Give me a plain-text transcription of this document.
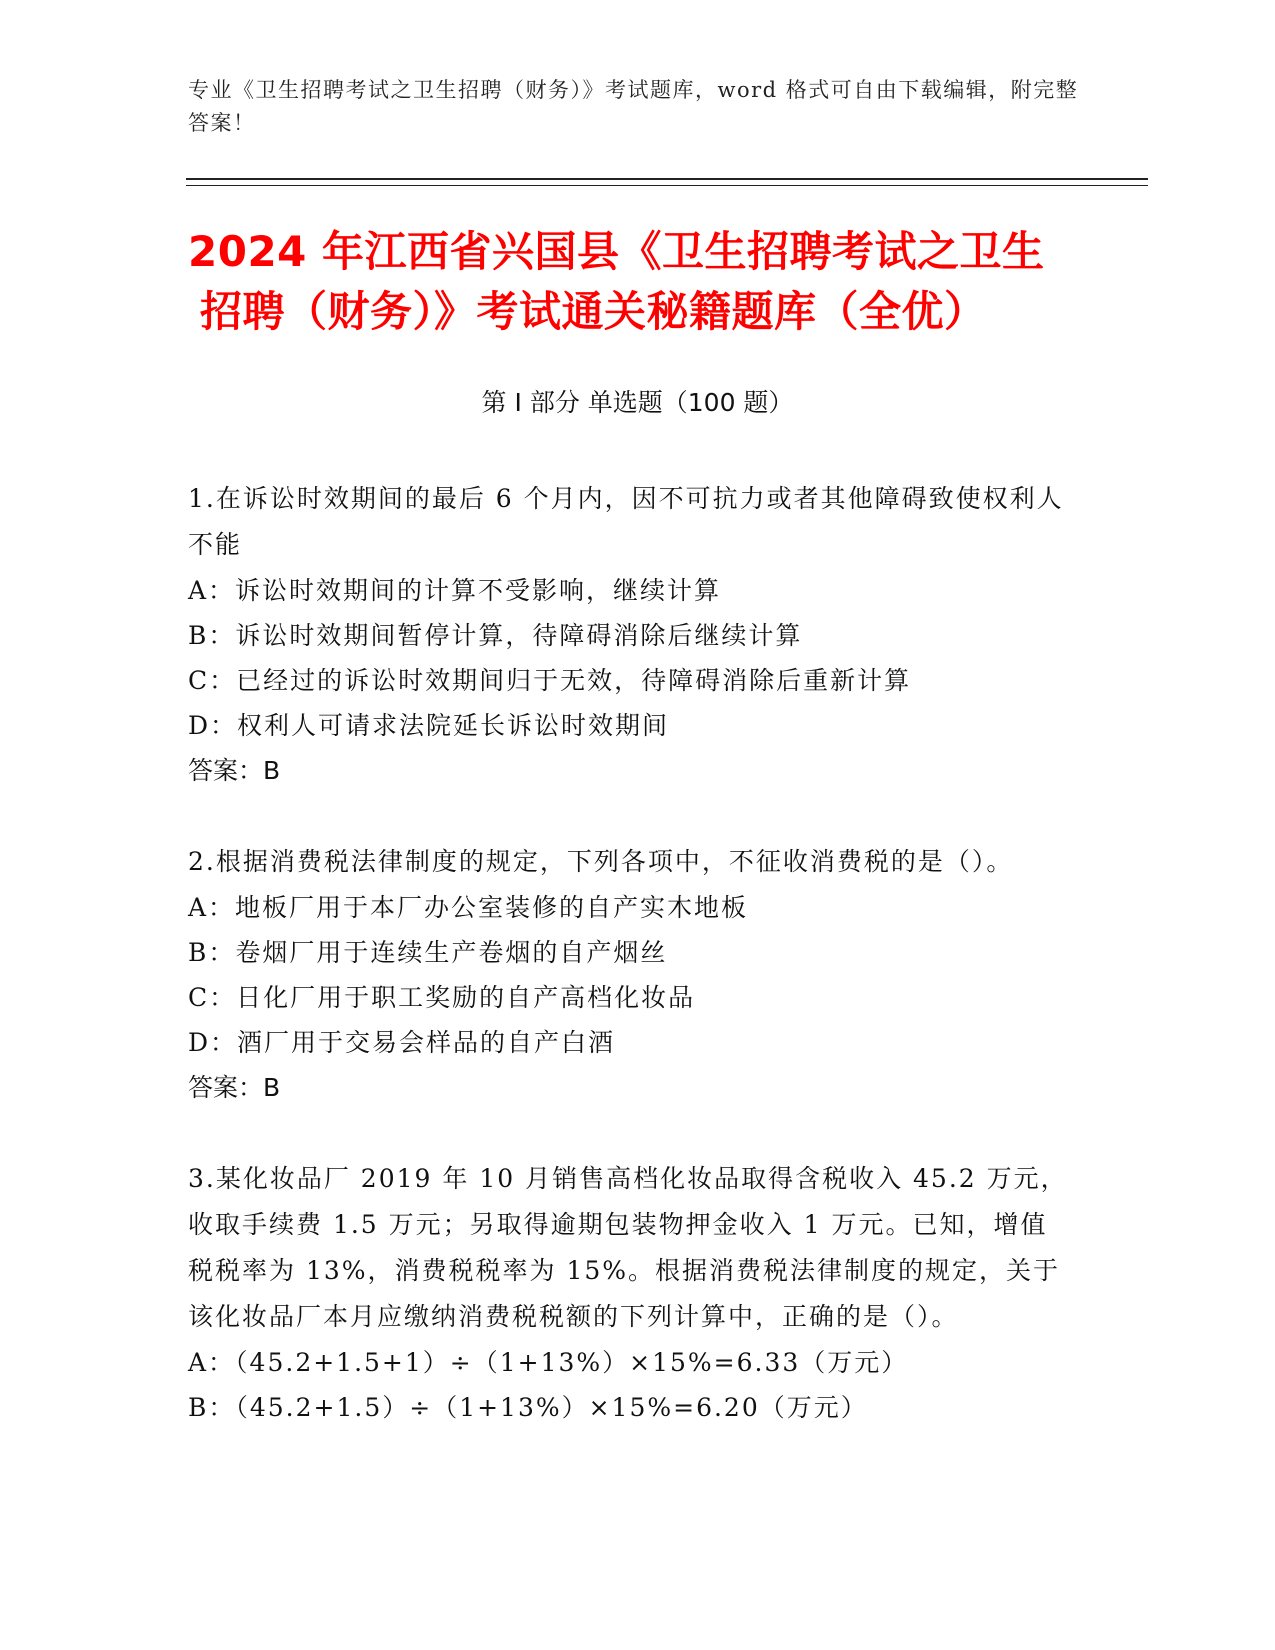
专业《卫生招聘考试之卫生招聘（财务）》考试题库，word 格式可自由下载编辑，附完整答案！
2024 年江西省兴国县《卫生招聘考试之卫生
招聘（财务）》考试通关秘籍题库（全优）
第 I 部分 单选题（100 题）
1.在诉讼时效期间的最后 6 个月内，因不可抗力或者其他障碍致使权利人不能
A：诉讼时效期间的计算不受影响，继续计算
B：诉讼时效期间暂停计算，待障碍消除后继续计算
C：已经过的诉讼时效期间归于无效，待障碍消除后重新计算
D：权利人可请求法院延长诉讼时效期间
答案：B
2.根据消费税法律制度的规定，下列各项中，不征收消费税的是（）。
A：地板厂用于本厂办公室装修的自产实木地板
B：卷烟厂用于连续生产卷烟的自产烟丝
C：日化厂用于职工奖励的自产高档化妆品
D：酒厂用于交易会样品的自产白酒
答案：B
3.某化妆品厂 2019 年 10 月销售高档化妆品取得含税收入 45.2 万元，收取手续费 1.5 万元；另取得逾期包装物押金收入 1 万元。已知，增值税税率为 13%，消费税税率为 15%。根据消费税法律制度的规定，关于该化妆品厂本月应缴纳消费税税额的下列计算中，正确的是（）。
A：（45.2+1.5+1）÷（1+13%）×15%=6.33（万元）
B：（45.2+1.5）÷（1+13%）×15%=6.20（万元）
